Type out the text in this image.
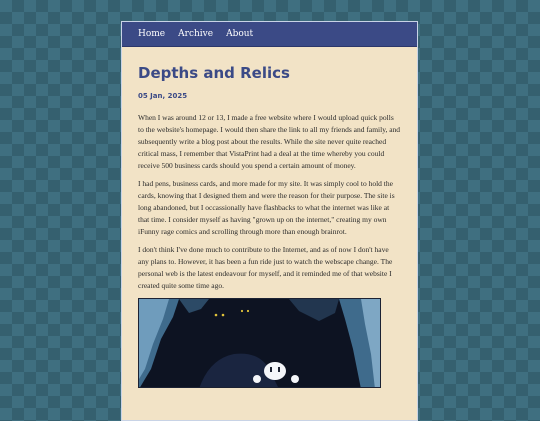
Home Archive About
Depths and Relics
05 Jan, 2025

When I was around 12 or 13, I made a free website where I would upload quick polls to the website's homepage. I would then share the link to all my friends and family, and subsequently write a blog post about the results. While the site never quite reached critical mass, I remember that VistaPrint had a deal at the time whereby you could receive 500 business cards should you spend a certain amount of money.

I had pens, business cards, and more made for my site. It was simply cool to hold the cards, knowing that I designed them and were the reason for their purpose. The site is long abandoned, but I occassionally have flashbacks to what the internet was like at that time. I consider myself as having "grown up on the internet," creating my own iFunny rage comics and scrolling through more than enough brainrot.

I don't think I've done much to contribute to the Internet, and as of now I don't have any plans to. However, it has been a fun ride just to watch the webscape change. The personal web is the latest endeavour for myself, and it reminded me of that website I created quite some time ago.
